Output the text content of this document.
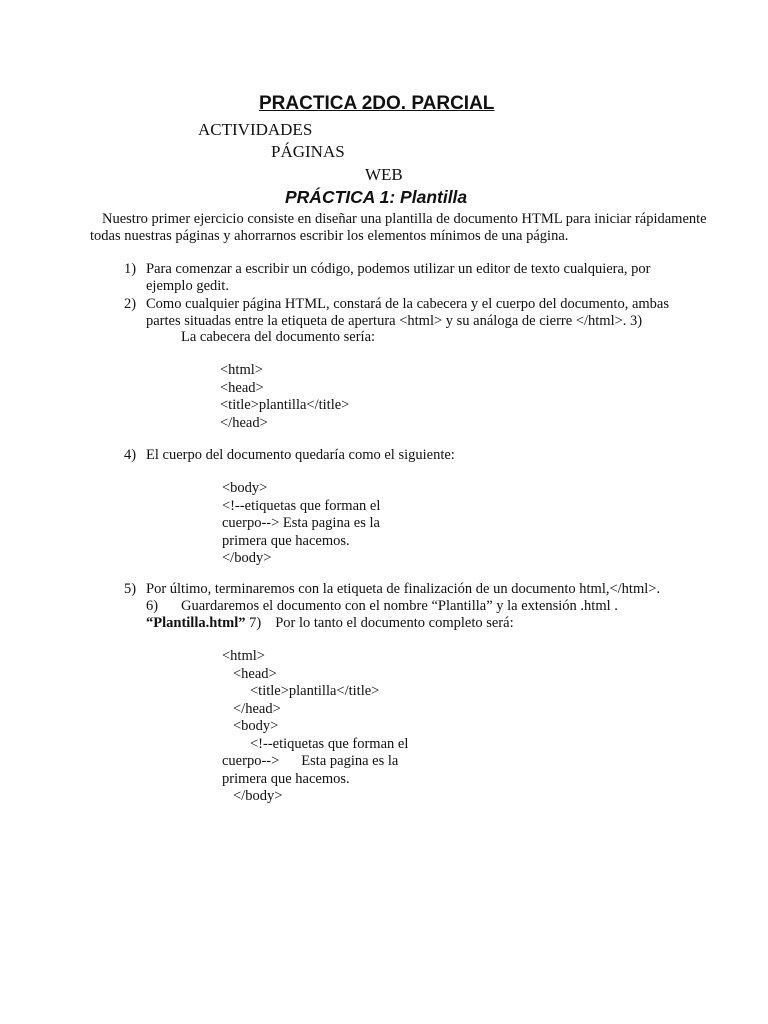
PRACTICA 2DO. PARCIAL
ACTIVIDADES
PÁGINAS
WEB
PRÁCTICA 1: Plantilla
Nuestro primer ejercicio consiste en diseñar una plantilla de documento HTML para iniciar rápidamente
todas nuestras páginas y ahorrarnos escribir los elementos mínimos de una página.
1) Para comenzar a escribir un código, podemos utilizar un editor de texto cualquiera, por
ejemplo gedit.
2) Como cualquier página HTML, constará de la cabecera y el cuerpo del documento, ambas
partes situadas entre la etiqueta de apertura <html> y su análoga de cierre </html>. 3)
La cabecera del documento sería:
<html>
<head>
<title>plantilla</title>
</head>
4) El cuerpo del documento quedaría como el siguiente:
<body>
<!--etiquetas que forman el
cuerpo--> Esta pagina es la
primera que hacemos.
</body>
5) Por último, terminaremos con la etiqueta de finalización de un documento html,</html>.
6) Guardaremos el documento con el nombre “Plantilla” y la extensión .html .
“Plantilla.html” 7) Por lo tanto el documento completo será:
<html>
<head>
<title>plantilla</title>
</head>
<body>
<!--etiquetas que forman el
cuerpo--> Esta pagina es la
primera que hacemos.
</body>
